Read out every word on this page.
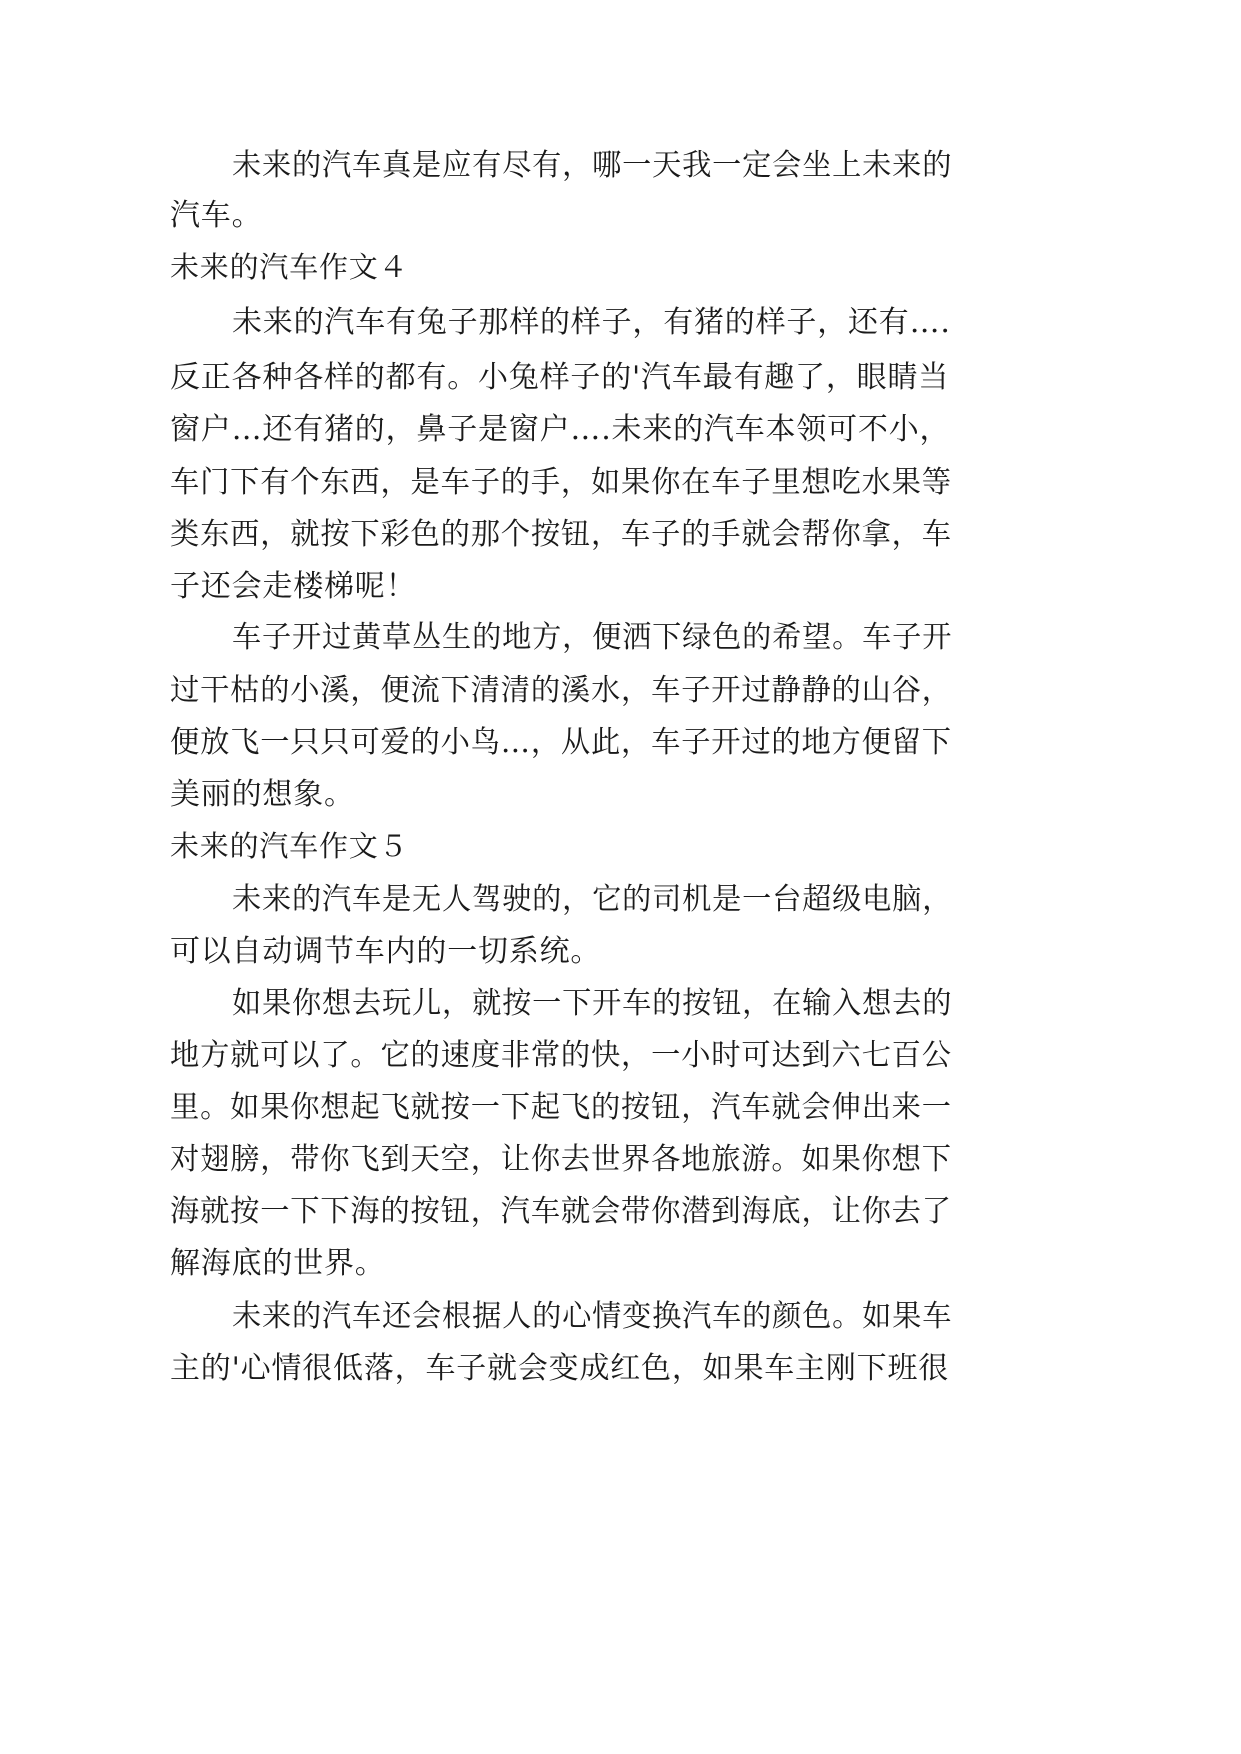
未来的汽车真是应有尽有，哪一天我一定会坐上未来的
汽车。
未来的汽车作文４
未来的汽车有兔子那样的样子，有猪的样子，还有….
反正各种各样的都有。小兔样子的'汽车最有趣了，眼睛当
窗户…还有猪的，鼻子是窗户….未来的汽车本领可不小，
车门下有个东西，是车子的手，如果你在车子里想吃水果等
类东西，就按下彩色的那个按钮，车子的手就会帮你拿，车
子还会走楼梯呢！
车子开过黄草丛生的地方，便洒下绿色的希望。车子开
过干枯的小溪，便流下清清的溪水，车子开过静静的山谷，
便放飞一只只可爱的小鸟…，从此，车子开过的地方便留下
美丽的想象。
未来的汽车作文５
未来的汽车是无人驾驶的，它的司机是一台超级电脑，
可以自动调节车内的一切系统。
如果你想去玩儿，就按一下开车的按钮，在输入想去的
地方就可以了。它的速度非常的快，一小时可达到六七百公
里。如果你想起飞就按一下起飞的按钮，汽车就会伸出来一
对翅膀，带你飞到天空，让你去世界各地旅游。如果你想下
海就按一下下海的按钮，汽车就会带你潜到海底，让你去了
解海底的世界。
未来的汽车还会根据人的心情变换汽车的颜色。如果车
主的'心情很低落，车子就会变成红色，如果车主刚下班很
